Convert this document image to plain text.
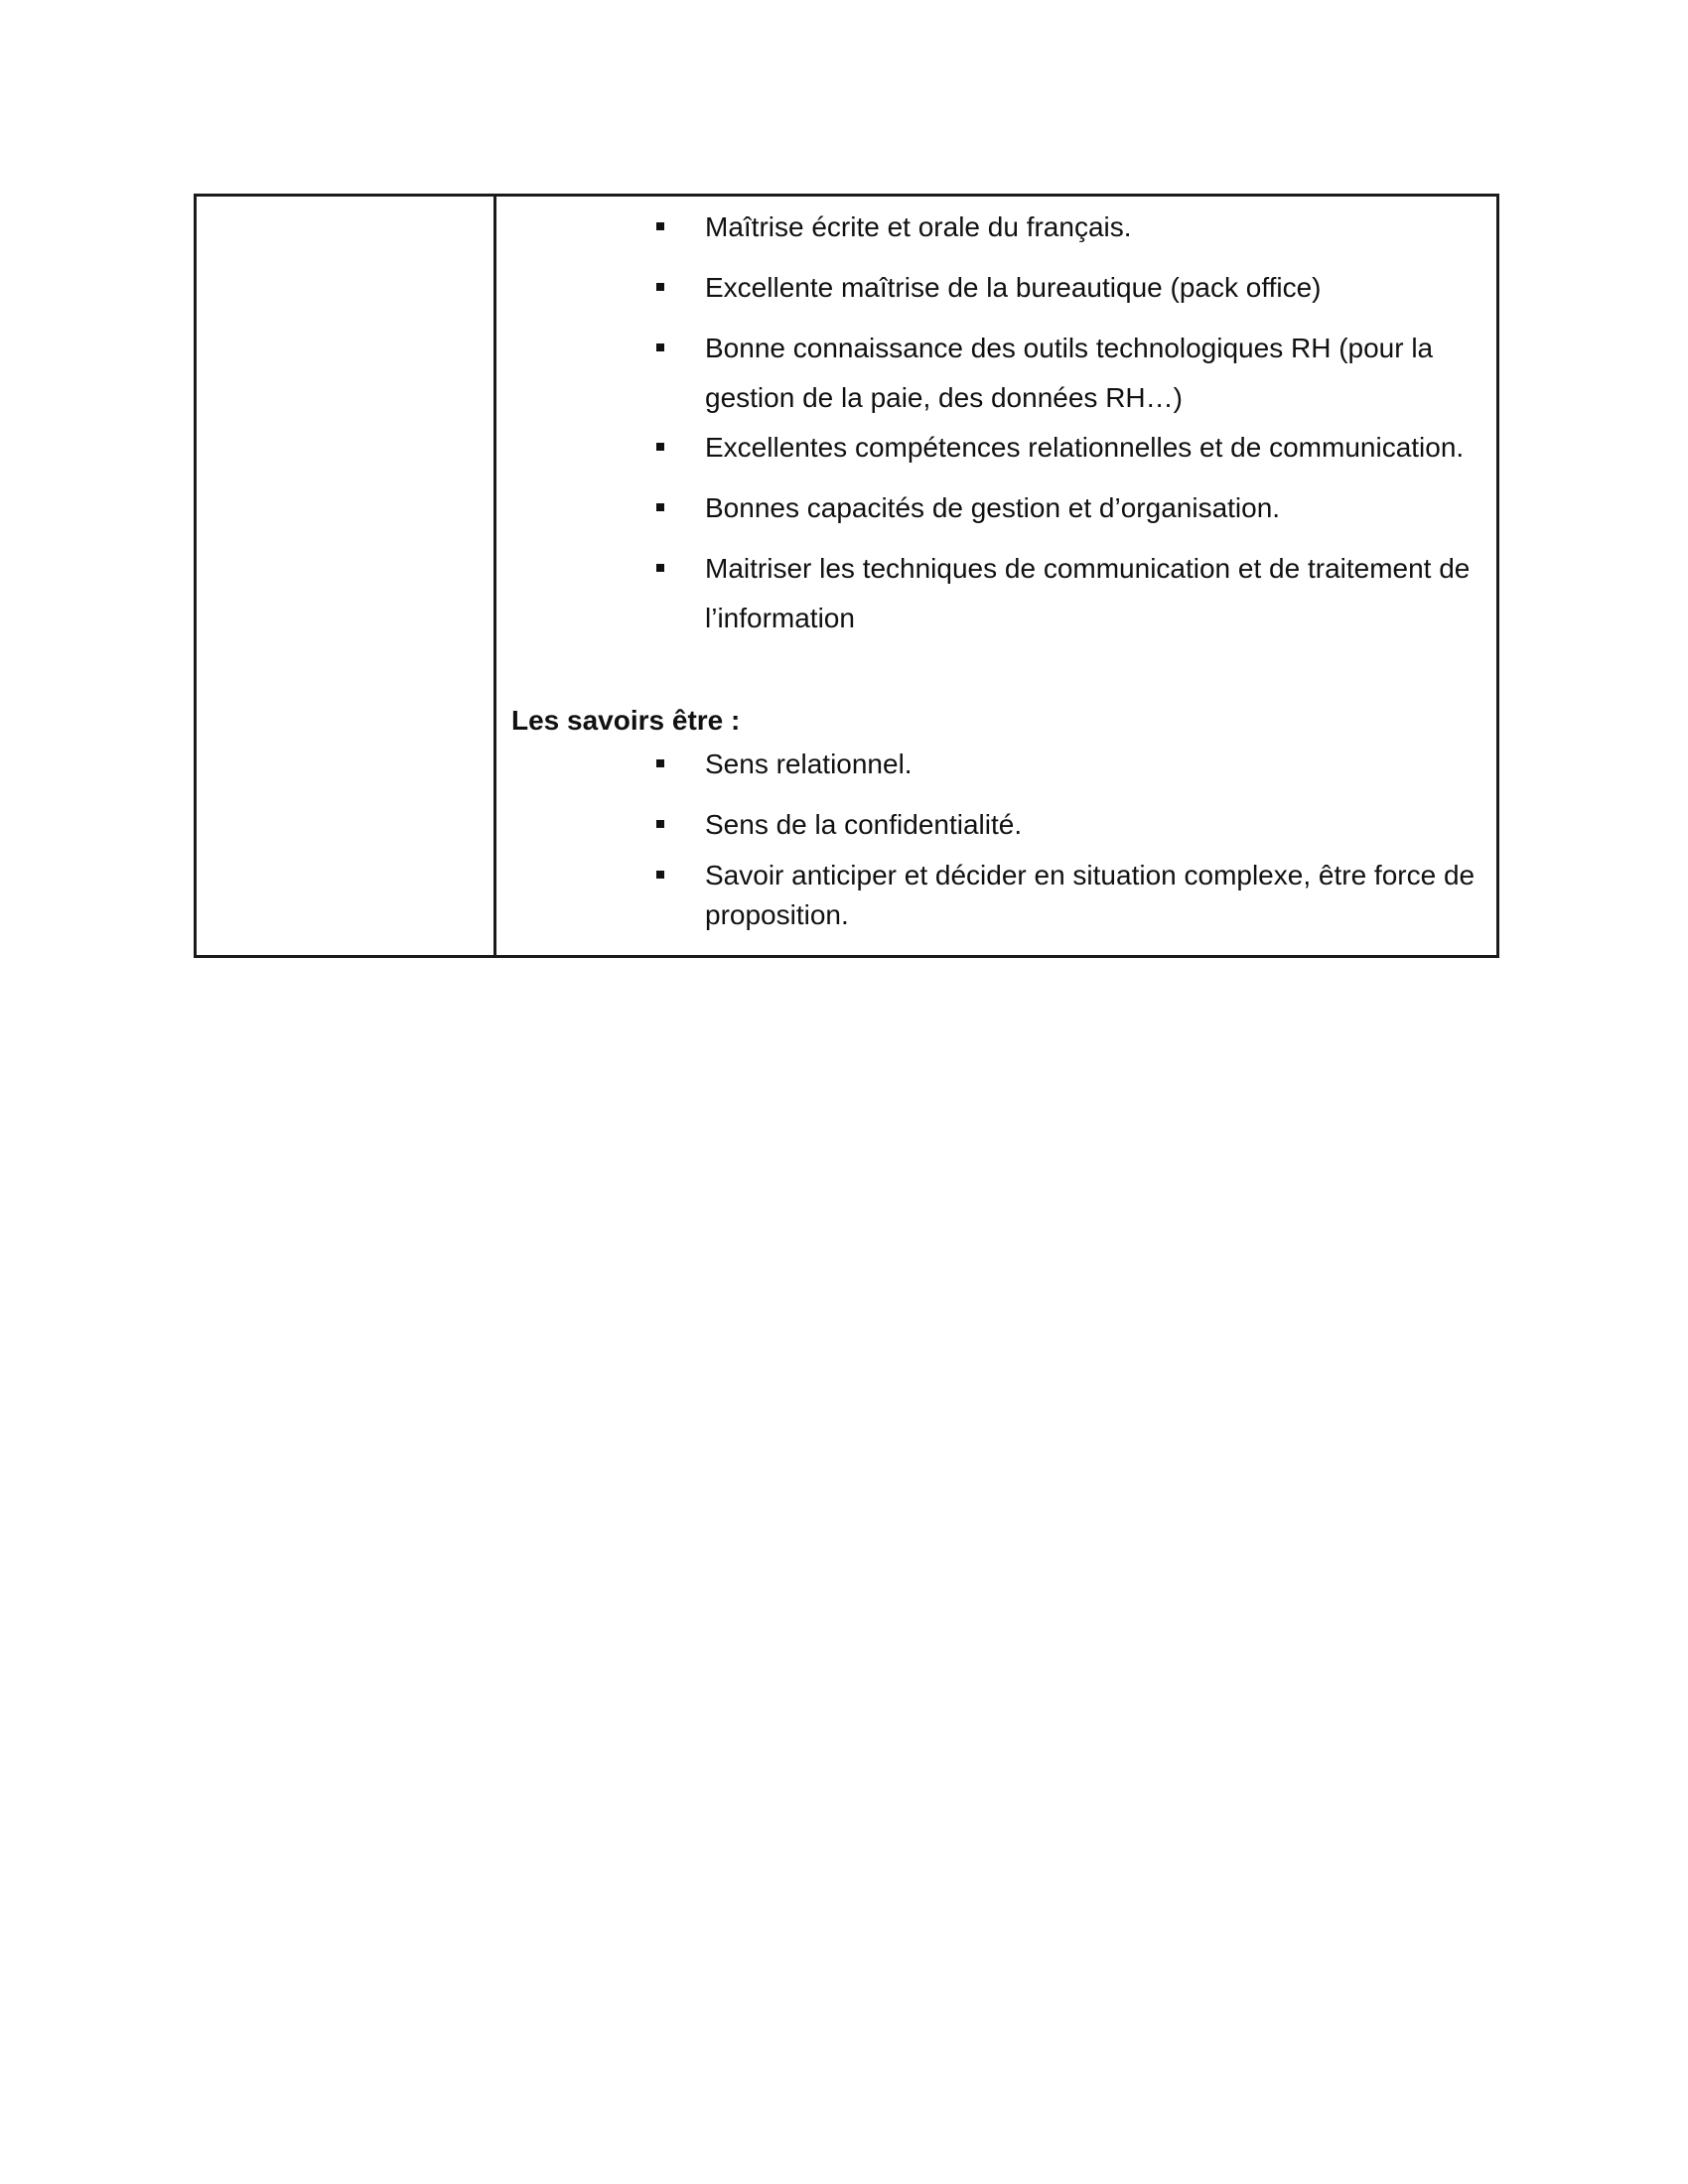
Maîtrise écrite et orale du français.
Excellente maîtrise de la bureautique (pack office)
Bonne connaissance des outils technologiques RH (pour la gestion de la paie, des données RH…)
Excellentes compétences relationnelles et de communication.
Bonnes capacités de gestion et d’organisation.
Maitriser les techniques de communication et de traitement de l’information
Les savoirs être :
Sens relationnel.
Sens de la confidentialité.
Savoir anticiper et décider en situation complexe, être force de proposition.
